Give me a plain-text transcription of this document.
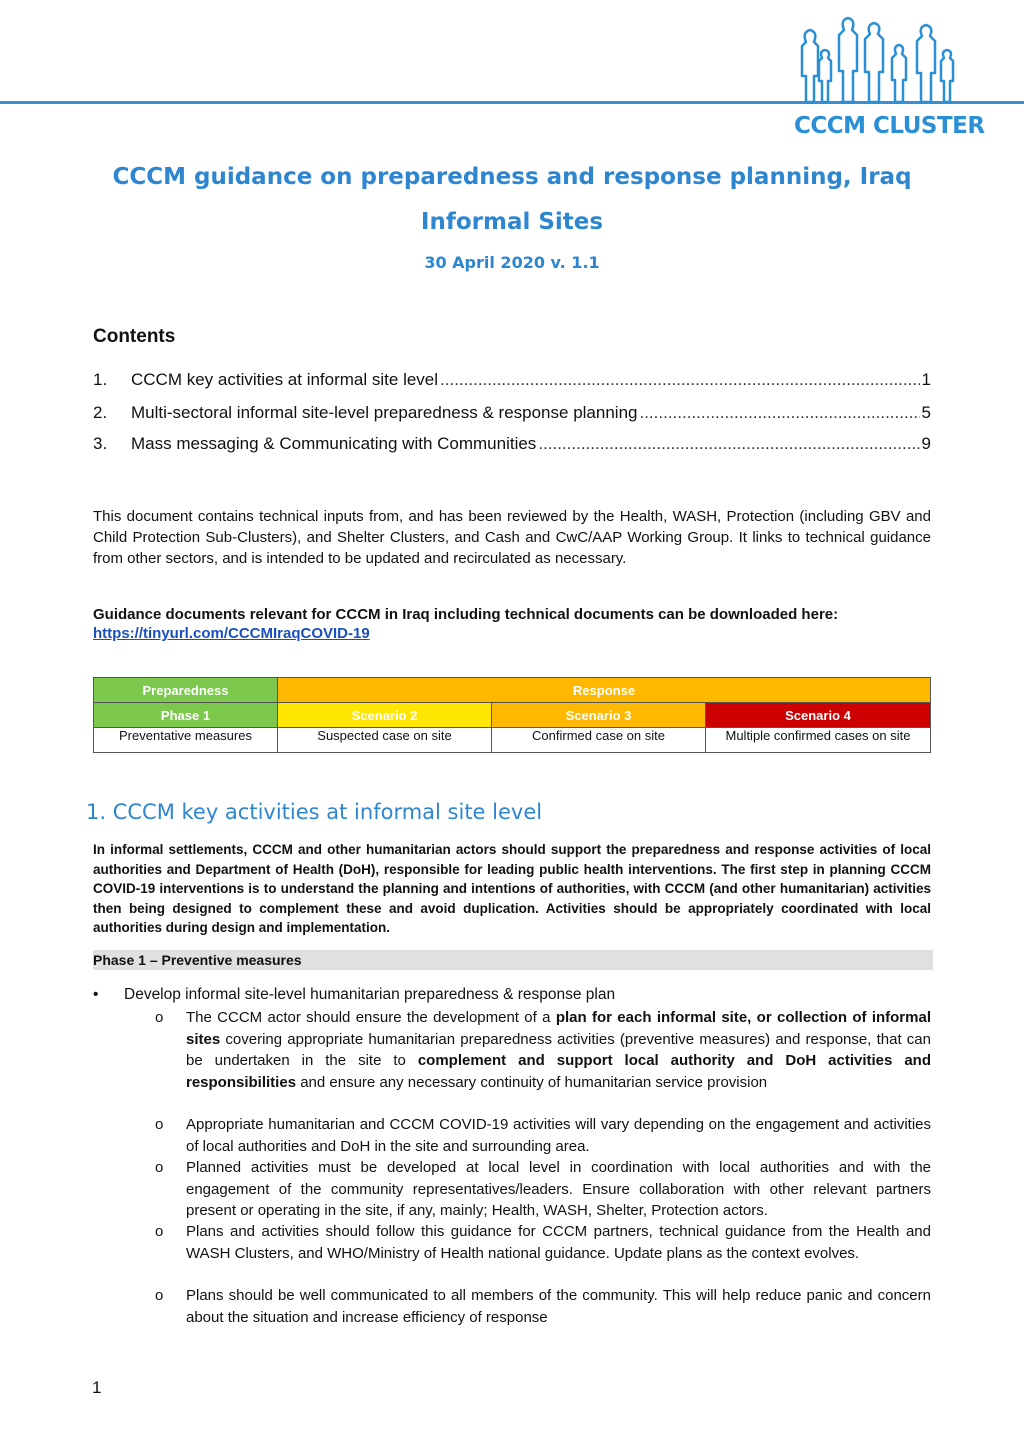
CCCM CLUSTER
CCCM guidance on preparedness and response planning, Iraq
Informal Sites
30 April 2020 v. 1.1
Contents
1.	CCCM key activities at informal site level .....	1
2.	Multi-sectoral informal site-level preparedness & response planning .....	5
3.	Mass messaging & Communicating with Communities .....	9
This document contains technical inputs from, and has been reviewed by the Health, WASH, Protection (including GBV and Child Protection Sub-Clusters), and Shelter Clusters, and Cash and CwC/AAP Working Group. It links to technical guidance from other sectors, and is intended to be updated and recirculated as necessary.
Guidance documents relevant for CCCM in Iraq including technical documents can be downloaded here:
https://tinyurl.com/CCCMIraqCOVID-19
Preparedness	Response		
Phase 1	Scenario 2	Scenario 3	Scenario 4
Preventative measures	Suspected case on site	Confirmed case on site	Multiple confirmed cases on site
1. CCCM key activities at informal site level
In informal settlements, CCCM and other humanitarian actors should support the preparedness and response activities of local authorities and Department of Health (DoH), responsible for leading public health interventions. The first step in planning CCCM COVID-19 interventions is to understand the planning and intentions of authorities, with CCCM (and other humanitarian) activities then being designed to complement these and avoid duplication. Activities should be appropriately coordinated with local authorities during design and implementation.
Phase 1 – Preventive measures
• Develop informal site-level humanitarian preparedness & response plan
o The CCCM actor should ensure the development of a plan for each informal site, or collection of informal sites covering appropriate humanitarian preparedness activities (preventive measures) and response, that can be undertaken in the site to complement and support local authority and DoH activities and responsibilities and ensure any necessary continuity of humanitarian service provision
o Appropriate humanitarian and CCCM COVID-19 activities will vary depending on the engagement and activities of local authorities and DoH in the site and surrounding area.
o Planned activities must be developed at local level in coordination with local authorities and with the engagement of the community representatives/leaders. Ensure collaboration with other relevant partners present or operating in the site, if any, mainly; Health, WASH, Shelter, Protection actors.
o Plans and activities should follow this guidance for CCCM partners, technical guidance from the Health and WASH Clusters, and WHO/Ministry of Health national guidance. Update plans as the context evolves.
o Plans should be well communicated to all members of the community. This will help reduce panic and concern about the situation and increase efficiency of response
1
